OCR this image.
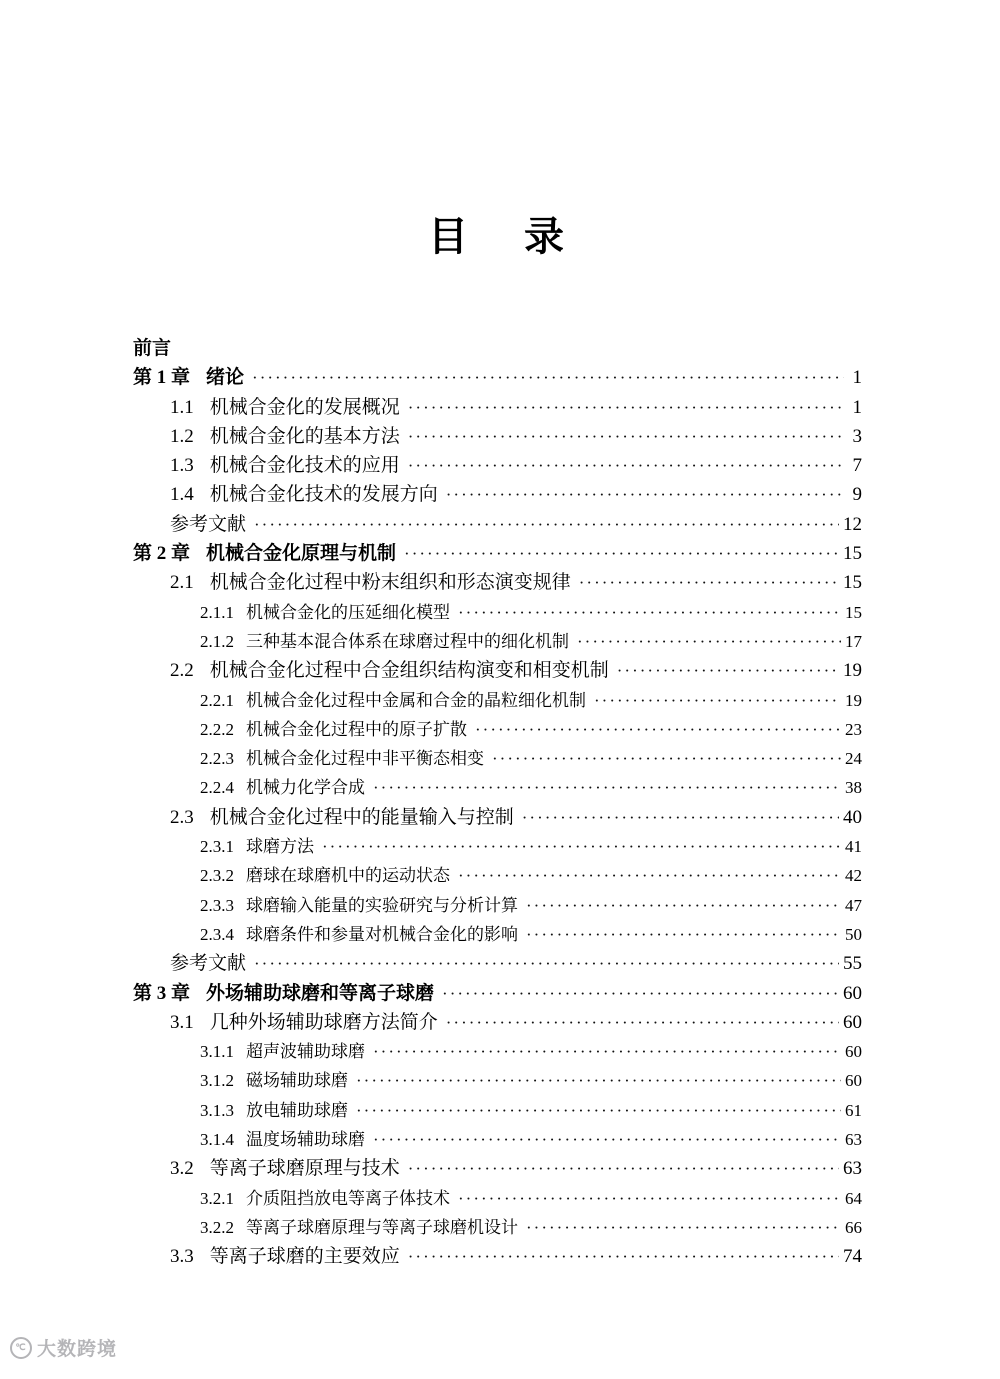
目　录
前言
第 1 章 绪论 ·····	1
1.1 机械合金化的发展概况 ·····	1
1.2 机械合金化的基本方法 ·····	3
1.3 机械合金化技术的应用 ·····	7
1.4 机械合金化技术的发展方向 ·····	9
参考文献 ·····	12
第 2 章 机械合金化原理与机制 ·····	15
2.1 机械合金化过程中粉末组织和形态演变规律 ·····	15
2.1.1 机械合金化的压延细化模型 ·····	15
2.1.2 三种基本混合体系在球磨过程中的细化机制 ·····	17
2.2 机械合金化过程中合金组织结构演变和相变机制 ·····	19
2.2.1 机械合金化过程中金属和合金的晶粒细化机制 ·····	19
2.2.2 机械合金化过程中的原子扩散 ·····	23
2.2.3 机械合金化过程中非平衡态相变 ·····	24
2.2.4 机械力化学合成 ·····	38
2.3 机械合金化过程中的能量输入与控制 ·····	40
2.3.1 球磨方法 ·····	41
2.3.2 磨球在球磨机中的运动状态 ·····	42
2.3.3 球磨输入能量的实验研究与分析计算 ·····	47
2.3.4 球磨条件和参量对机械合金化的影响 ·····	50
参考文献 ·····	55
第 3 章 外场辅助球磨和等离子球磨 ·····	60
3.1 几种外场辅助球磨方法简介 ·····	60
3.1.1 超声波辅助球磨 ·····	60
3.1.2 磁场辅助球磨 ·····	60
3.1.3 放电辅助球磨 ·····	61
3.1.4 温度场辅助球磨 ·····	63
3.2 等离子球磨原理与技术 ·····	63
3.2.1 介质阻挡放电等离子体技术 ·····	64
3.2.2 等离子球磨原理与等离子球磨机设计 ·····	66
3.3 等离子球磨的主要效应 ·····	74
℃ 大数跨境
